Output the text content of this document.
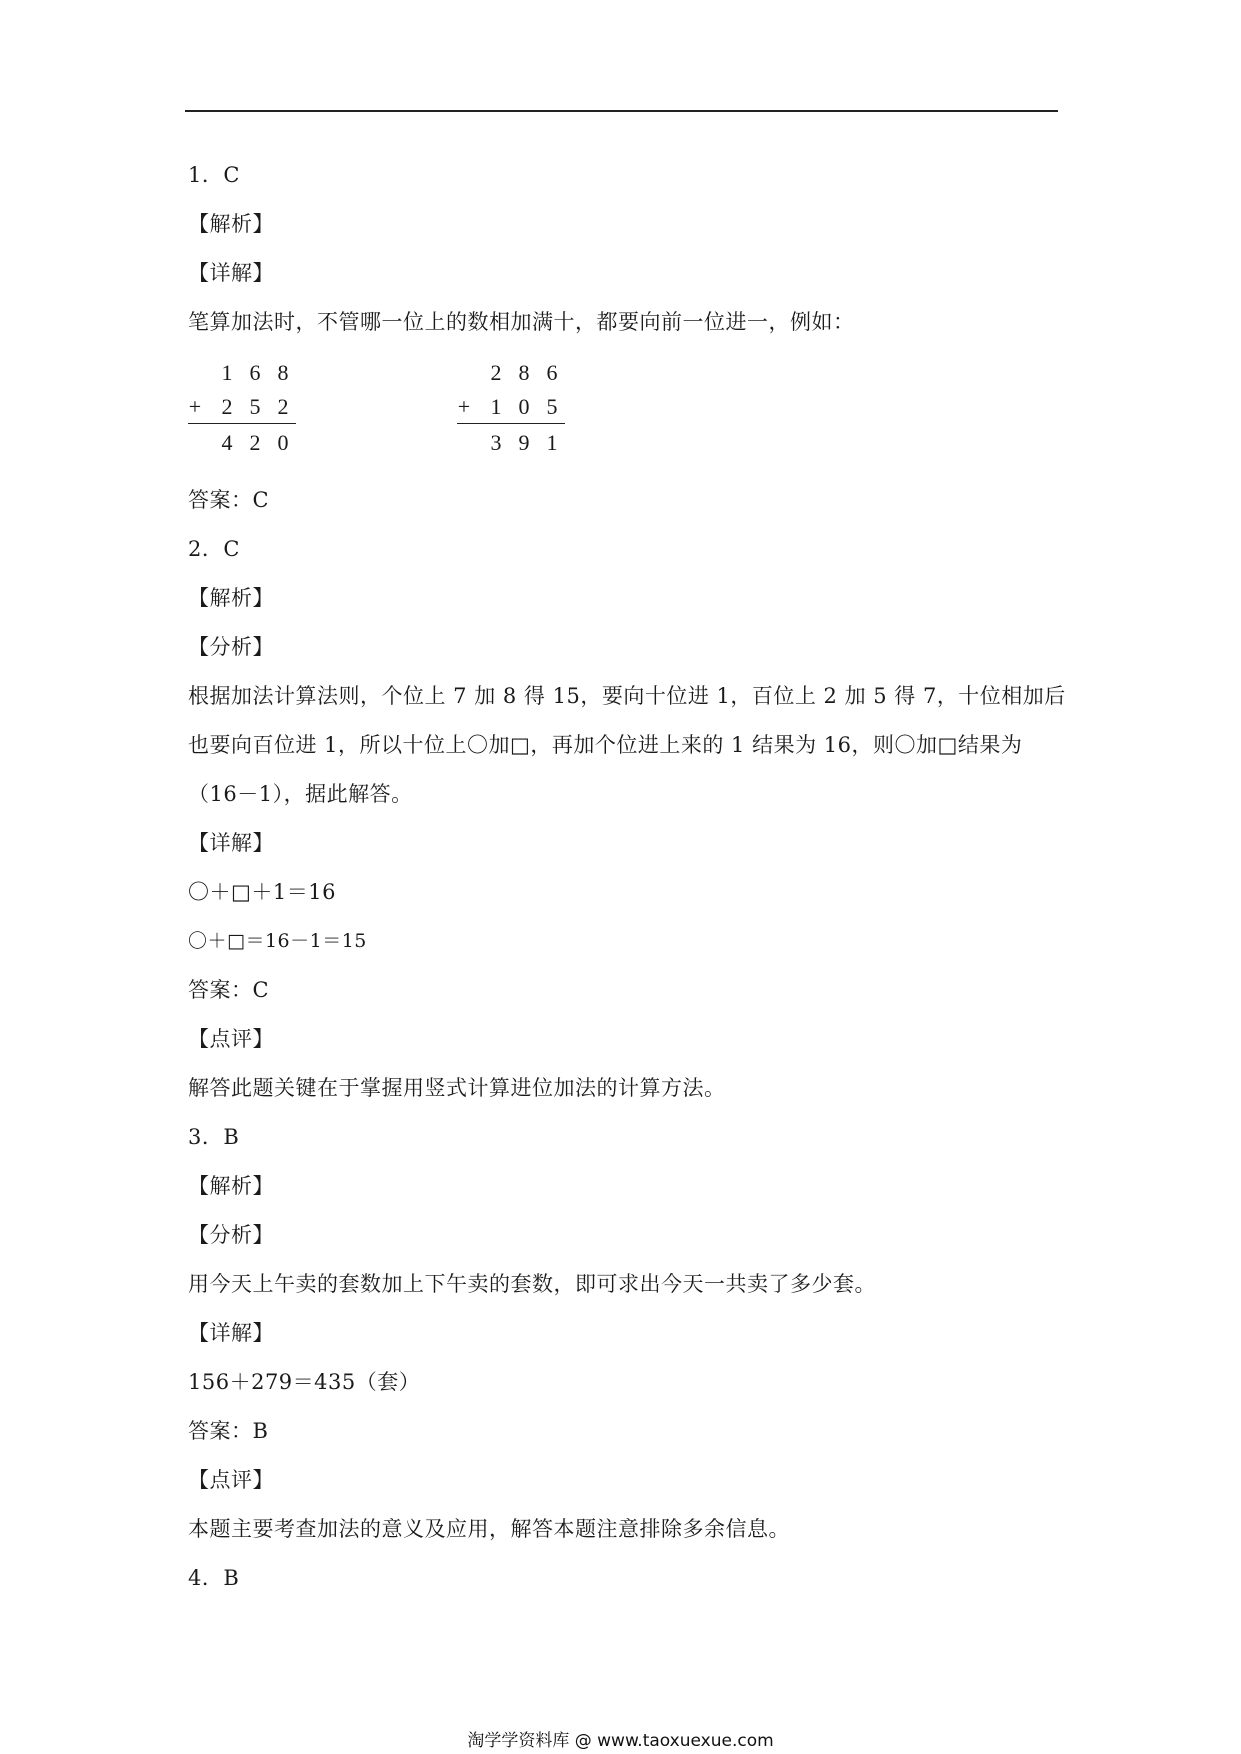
1．C
【解析】
【详解】
笔算加法时，不管哪一位上的数相加满十，都要向前一位进一，例如：
1 6 8
+ 2 5 2
4 2 0
2 8 6
+ 1 0 5
3 9 1
答案：C
2．C
【解析】
【分析】
根据加法计算法则，个位上 7 加 8 得 15，要向十位进 1，百位上 2 加 5 得 7，十位相加后
也要向百位进 1，所以十位上〇加□，再加个位进上来的 1 结果为 16，则〇加□结果为
（16－1），据此解答。
【详解】
〇＋□＋1＝16
〇＋□＝16－1＝15
答案：C
【点评】
解答此题关键在于掌握用竖式计算进位加法的计算方法。
3．B
【解析】
【分析】
用今天上午卖的套数加上下午卖的套数，即可求出今天一共卖了多少套。
【详解】
156＋279＝435（套）
答案：B
【点评】
本题主要考查加法的意义及应用，解答本题注意排除多余信息。
4．B
淘学学资料库 @ www.taoxuexue.com
